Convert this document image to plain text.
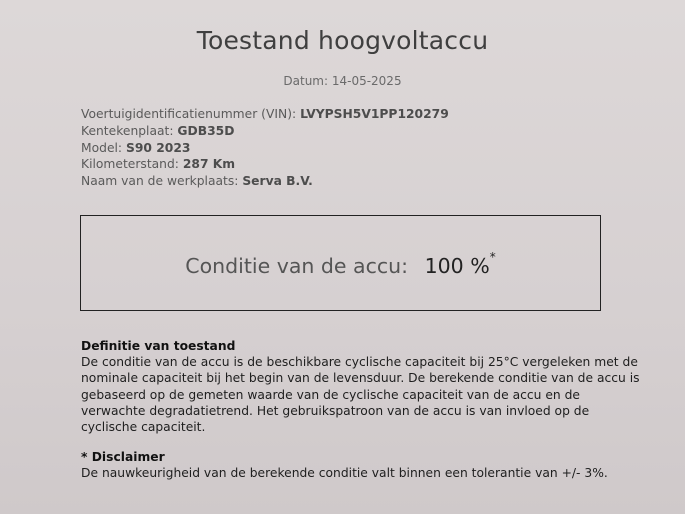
Toestand hoogvoltaccu
Datum: 14-05-2025
Voertuigidentificatienummer (VIN): LVYPSH5V1PP120279
Kentekenplaat: GDB35D
Model: S90 2023
Kilometerstand: 287 Km
Naam van de werkplaats: Serva B.V.
Conditie van de accu: 100 %*
Definitie van toestand

De conditie van de accu is de beschikbare cyclische capaciteit bij 25°C vergeleken met de nominale capaciteit bij het begin van de levensduur. De berekende conditie van de accu is gebaseerd op de gemeten waarde van de cyclische capaciteit van de accu en de verwachte degradatietrend. Het gebruikspatroon van de accu is van invloed op de cyclische capaciteit.

* Disclaimer

De nauwkeurigheid van de berekende conditie valt binnen een tolerantie van +/- 3%.
